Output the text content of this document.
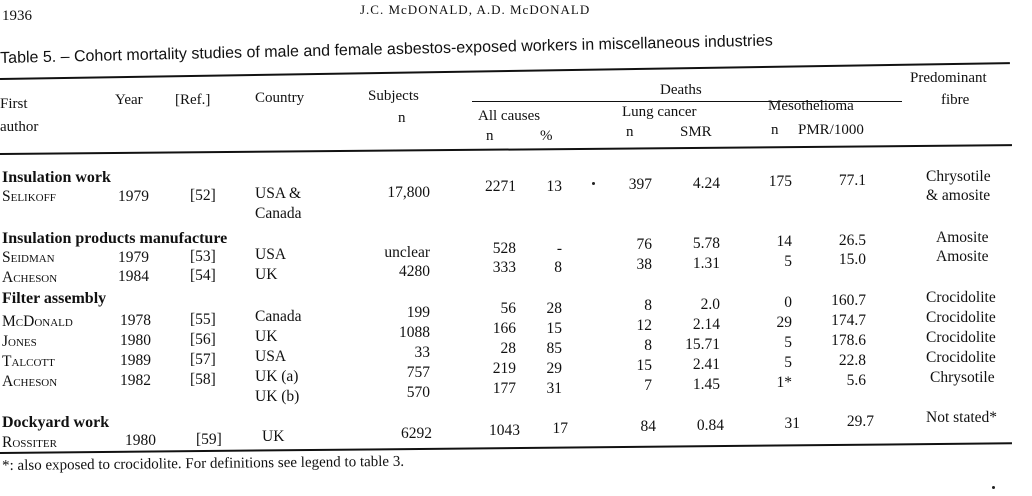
1936	J.C. McDONALD, A.D. McDONALD
Table 5. – Cohort mortality studies of male and female asbestos-exposed workers in miscellaneous industries
First
author
Year [Ref.]	Country	Subjects
n
Deaths
All causes
n	%
Lung cancer
n	SMR
Mesothelioma
n PMR/1000
Predominant
fibre
Insulation work
Selikoff	1979	[52]	USA &
Canada
17,800	2271	13	397	4.24	175	77.1	Chrysotile
& amosite
Insulation products manufacture
Seidman	1979	[53]	USA	unclear	528	-	76	5.78	14	26.5	Amosite
Acheson	1984	[54]	UK	4280	333	8	38	1.31	5	15.0	Amosite
Filter assembly
McDonald	1978	[55]	Canada	199	56	28	8	2.0	0	160.7	Crocidolite
Jones	1980	[56]	UK	1088	166	15	12	2.14	29	174.7	Crocidolite
Talcott	1989	[57]	USA	33	28	85	8	15.71	5	178.6	Crocidolite
Acheson	1982	[58]	UK (a)	757	219	29	15	2.41	5	22.8	Crocidolite
UK (b)	570	177	31	7	1.45	1*	5.6	Chrysotile
Dockyard work
Rossiter	1980	[59]	UK	6292	1043	17	84	0.84	31	29.7	Not stated*
*: also exposed to crocidolite. For definitions see legend to table 3.
